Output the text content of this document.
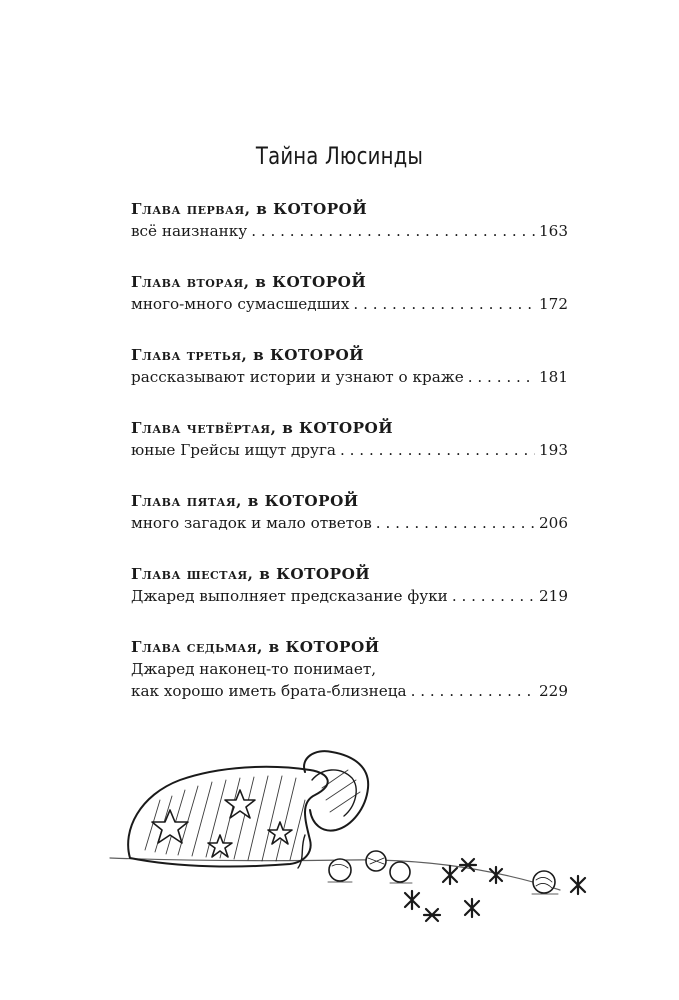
Тайна Люсинды
Глава первая, в КОТОРОЙ
всё наизнанку . . .	163
Глава вторая, в КОТОРОЙ
много-много сумасшедших . . .	172
Глава третья, в КОТОРОЙ
рассказывают истории и узнают о краже . . .	181
Глава четвёртая, в КОТОРОЙ
юные Грейсы ищут друга . . .	193
Глава пятая, в КОТОРОЙ
много загадок и мало ответов . . .	206
Глава шестая, в КОТОРОЙ
Джаред выполняет предсказание фуки . . .	219
Глава седьмая, в КОТОРОЙ
Джаред наконец-то понимает,
как хорошо иметь брата-близнеца . . .	229
